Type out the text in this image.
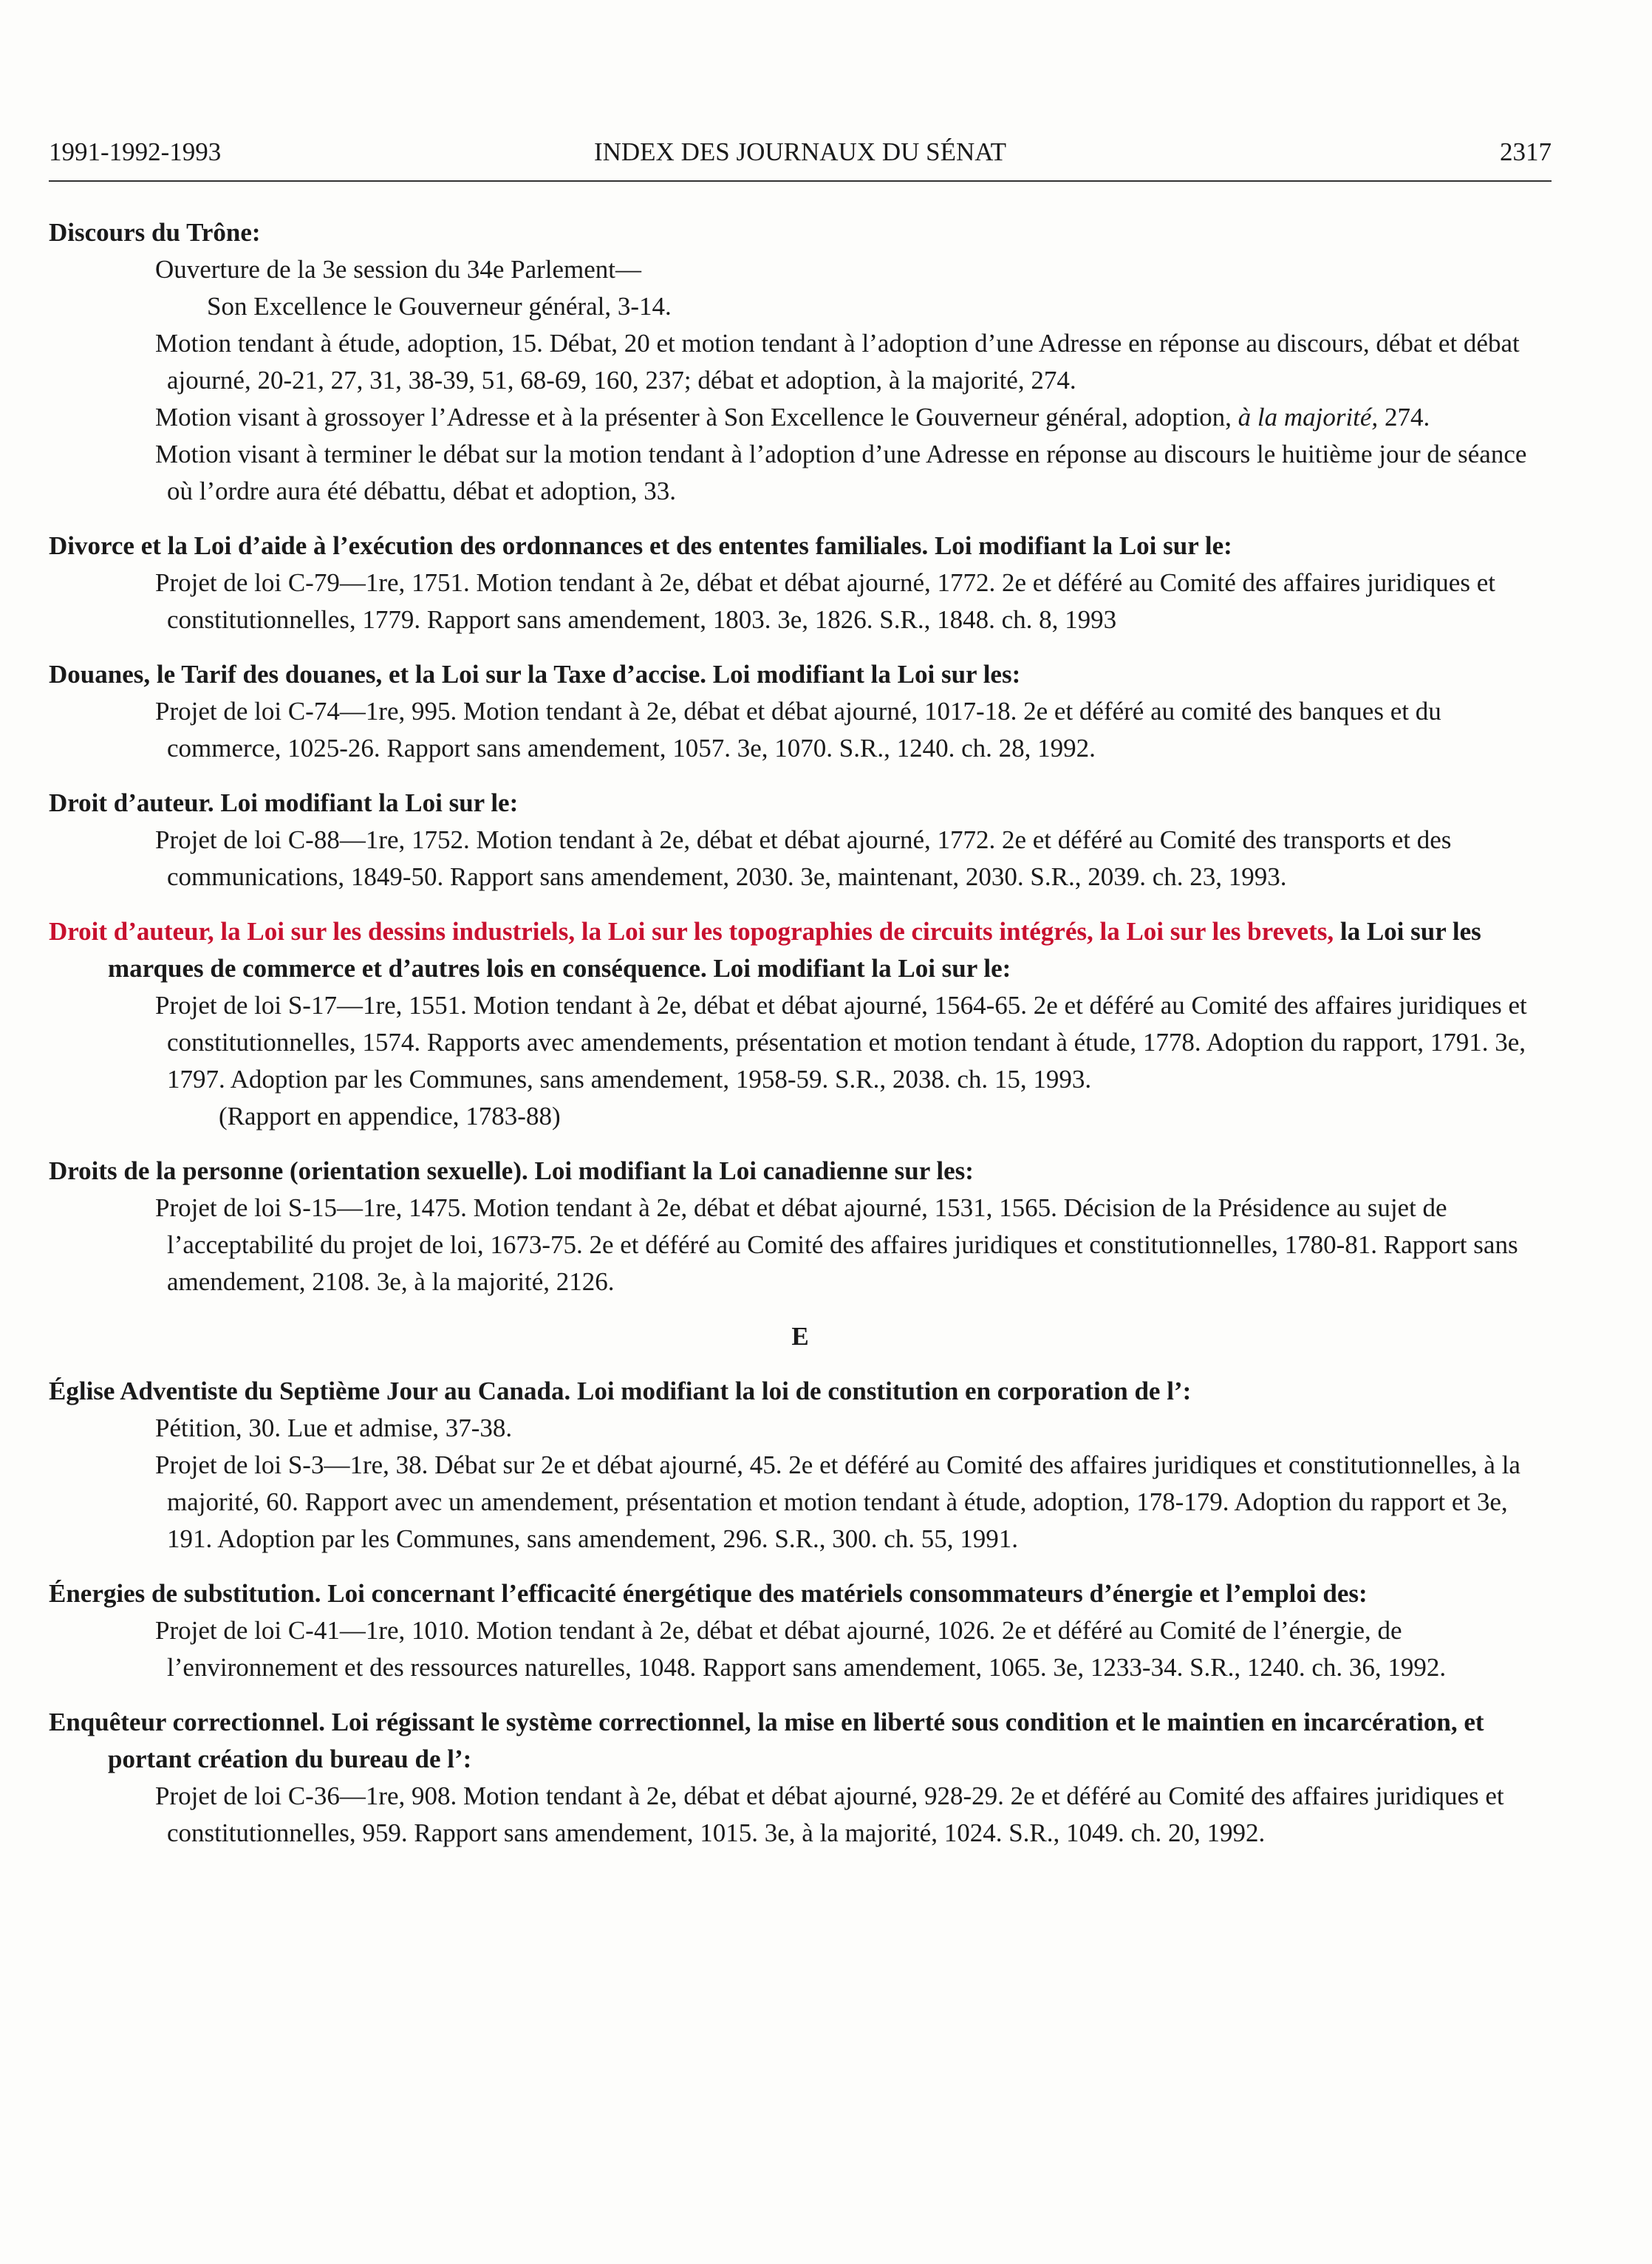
1991-1992-1993	INDEX DES JOURNAUX DU SÉNAT	2317
Discours du Trône:
Ouverture de la 3e session du 34e Parlement—
Son Excellence le Gouverneur général, 3-14.
Motion tendant à étude, adoption, 15. Débat, 20 et motion tendant à l’adoption d’une Adresse en réponse au discours, débat et débat ajourné, 20-21, 27, 31, 38-39, 51, 68-69, 160, 237; débat et adoption, à la majorité, 274.
Motion visant à grossoyer l’Adresse et à la présenter à Son Excellence le Gouverneur général, adoption, à la majorité, 274.
Motion visant à terminer le débat sur la motion tendant à l’adoption d’une Adresse en réponse au discours le huitième jour de séance où l’ordre aura été débattu, débat et adoption, 33.
Divorce et la Loi d’aide à l’exécution des ordonnances et des ententes familiales. Loi modifiant la Loi sur le:
Projet de loi C-79—1re, 1751. Motion tendant à 2e, débat et débat ajourné, 1772. 2e et déféré au Comité des affaires juridiques et constitutionnelles, 1779. Rapport sans amendement, 1803. 3e, 1826. S.R., 1848. ch. 8, 1993
Douanes, le Tarif des douanes, et la Loi sur la Taxe d’accise. Loi modifiant la Loi sur les:
Projet de loi C-74—1re, 995. Motion tendant à 2e, débat et débat ajourné, 1017-18. 2e et déféré au comité des banques et du commerce, 1025-26. Rapport sans amendement, 1057. 3e, 1070. S.R., 1240. ch. 28, 1992.
Droit d’auteur. Loi modifiant la Loi sur le:
Projet de loi C-88—1re, 1752. Motion tendant à 2e, débat et débat ajourné, 1772. 2e et déféré au Comité des transports et des communications, 1849-50. Rapport sans amendement, 2030. 3e, maintenant, 2030. S.R., 2039. ch. 23, 1993.
Droit d’auteur, la Loi sur les dessins industriels, la Loi sur les topographies de circuits intégrés, la Loi sur les brevets, la Loi sur les marques de commerce et d’autres lois en conséquence. Loi modifiant la Loi sur le:
Projet de loi S-17—1re, 1551. Motion tendant à 2e, débat et débat ajourné, 1564-65. 2e et déféré au Comité des affaires juridiques et constitutionnelles, 1574. Rapports avec amendements, présentation et motion tendant à étude, 1778. Adoption du rapport, 1791. 3e, 1797. Adoption par les Communes, sans amendement, 1958-59. S.R., 2038. ch. 15, 1993.
(Rapport en appendice, 1783-88)
Droits de la personne (orientation sexuelle). Loi modifiant la Loi canadienne sur les:
Projet de loi S-15—1re, 1475. Motion tendant à 2e, débat et débat ajourné, 1531, 1565. Décision de la Présidence au sujet de l’acceptabilité du projet de loi, 1673-75. 2e et déféré au Comité des affaires juridiques et constitutionnelles, 1780-81. Rapport sans amendement, 2108. 3e, à la majorité, 2126.
E
Église Adventiste du Septième Jour au Canada. Loi modifiant la loi de constitution en corporation de l’:
Pétition, 30. Lue et admise, 37-38.
Projet de loi S-3—1re, 38. Débat sur 2e et débat ajourné, 45. 2e et déféré au Comité des affaires juridiques et constitutionnelles, à la majorité, 60. Rapport avec un amendement, présentation et motion tendant à étude, adoption, 178-179. Adoption du rapport et 3e, 191. Adoption par les Communes, sans amendement, 296. S.R., 300. ch. 55, 1991.
Énergies de substitution. Loi concernant l’efficacité énergétique des matériels consommateurs d’énergie et l’emploi des:
Projet de loi C-41—1re, 1010. Motion tendant à 2e, débat et débat ajourné, 1026. 2e et déféré au Comité de l’énergie, de l’environnement et des ressources naturelles, 1048. Rapport sans amendement, 1065. 3e, 1233-34. S.R., 1240. ch. 36, 1992.
Enquêteur correctionnel. Loi régissant le système correctionnel, la mise en liberté sous condition et le maintien en incarcération, et portant création du bureau de l’:
Projet de loi C-36—1re, 908. Motion tendant à 2e, débat et débat ajourné, 928-29. 2e et déféré au Comité des affaires juridiques et constitutionnelles, 959. Rapport sans amendement, 1015. 3e, à la majorité, 1024. S.R., 1049. ch. 20, 1992.
